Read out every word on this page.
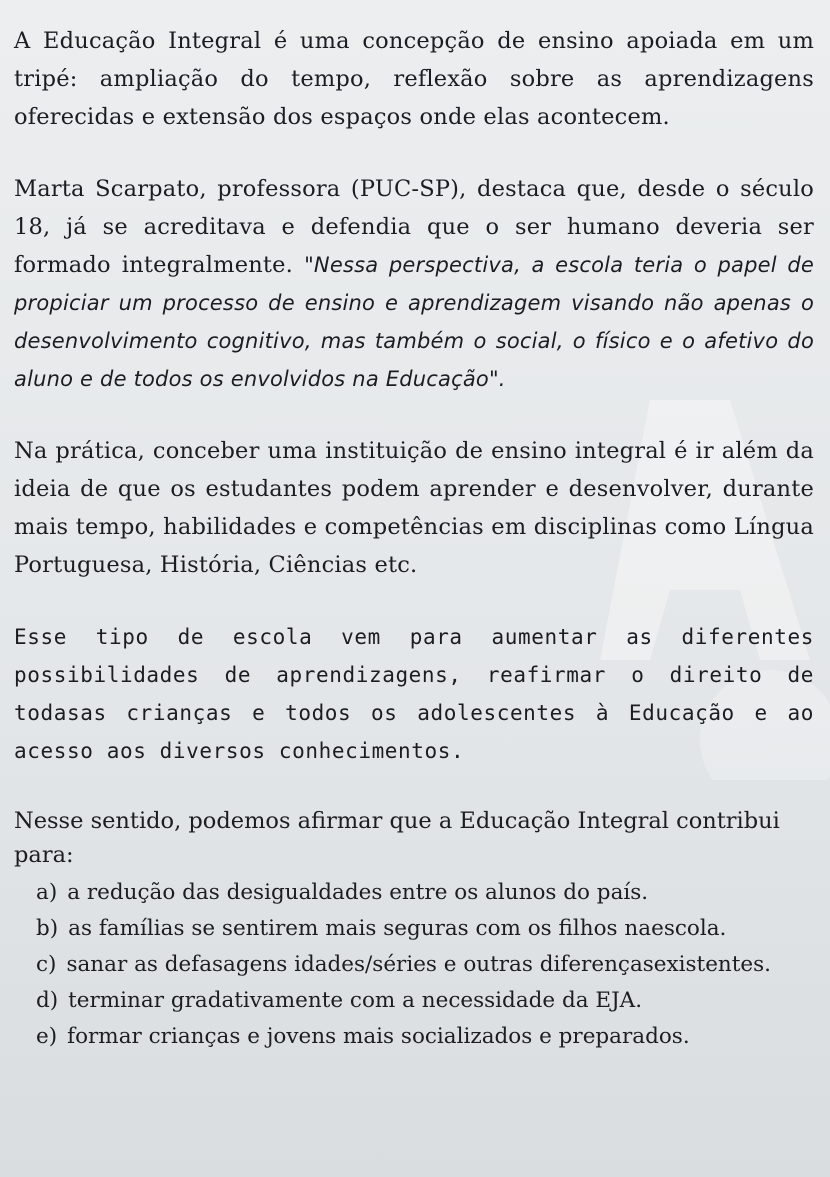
A Educação Integral é uma concepção de ensino apoiada em um tripé: ampliação do tempo, reflexão sobre as aprendizagens oferecidas e extensão dos espaços onde elas acontecem.

Marta Scarpato, professora (PUC-SP), destaca que, desde o século 18, já se acreditava e defendia que o ser humano deveria ser formado integralmente. "Nessa perspectiva, a escola teria o papel de propiciar um processo de ensino e aprendizagem visando não apenas o desenvolvimento cognitivo, mas também o social, o físico e o afetivo do aluno e de todos os envolvidos na Educação".

Na prática, conceber uma instituição de ensino integral é ir além da ideia de que os estudantes podem aprender e desenvolver, durante mais tempo, habilidades e competências em disciplinas como Língua Portuguesa, História, Ciências etc.

Esse tipo de escola vem para aumentar as diferentes possibilidades de aprendizagens, reafirmar o direito de todasas crianças e todos os adolescentes à Educação e ao acesso aos diversos conhecimentos.

Nesse sentido, podemos afirmar que a Educação Integral contribui para:

a) a redução das desigualdades entre os alunos do país.
b) as famílias se sentirem mais seguras com os filhos naescola.
c) sanar as defasagens idades/séries e outras diferençasexistentes.
d) terminar gradativamente com a necessidade da EJA.
e) formar crianças e jovens mais socializados e preparados.
